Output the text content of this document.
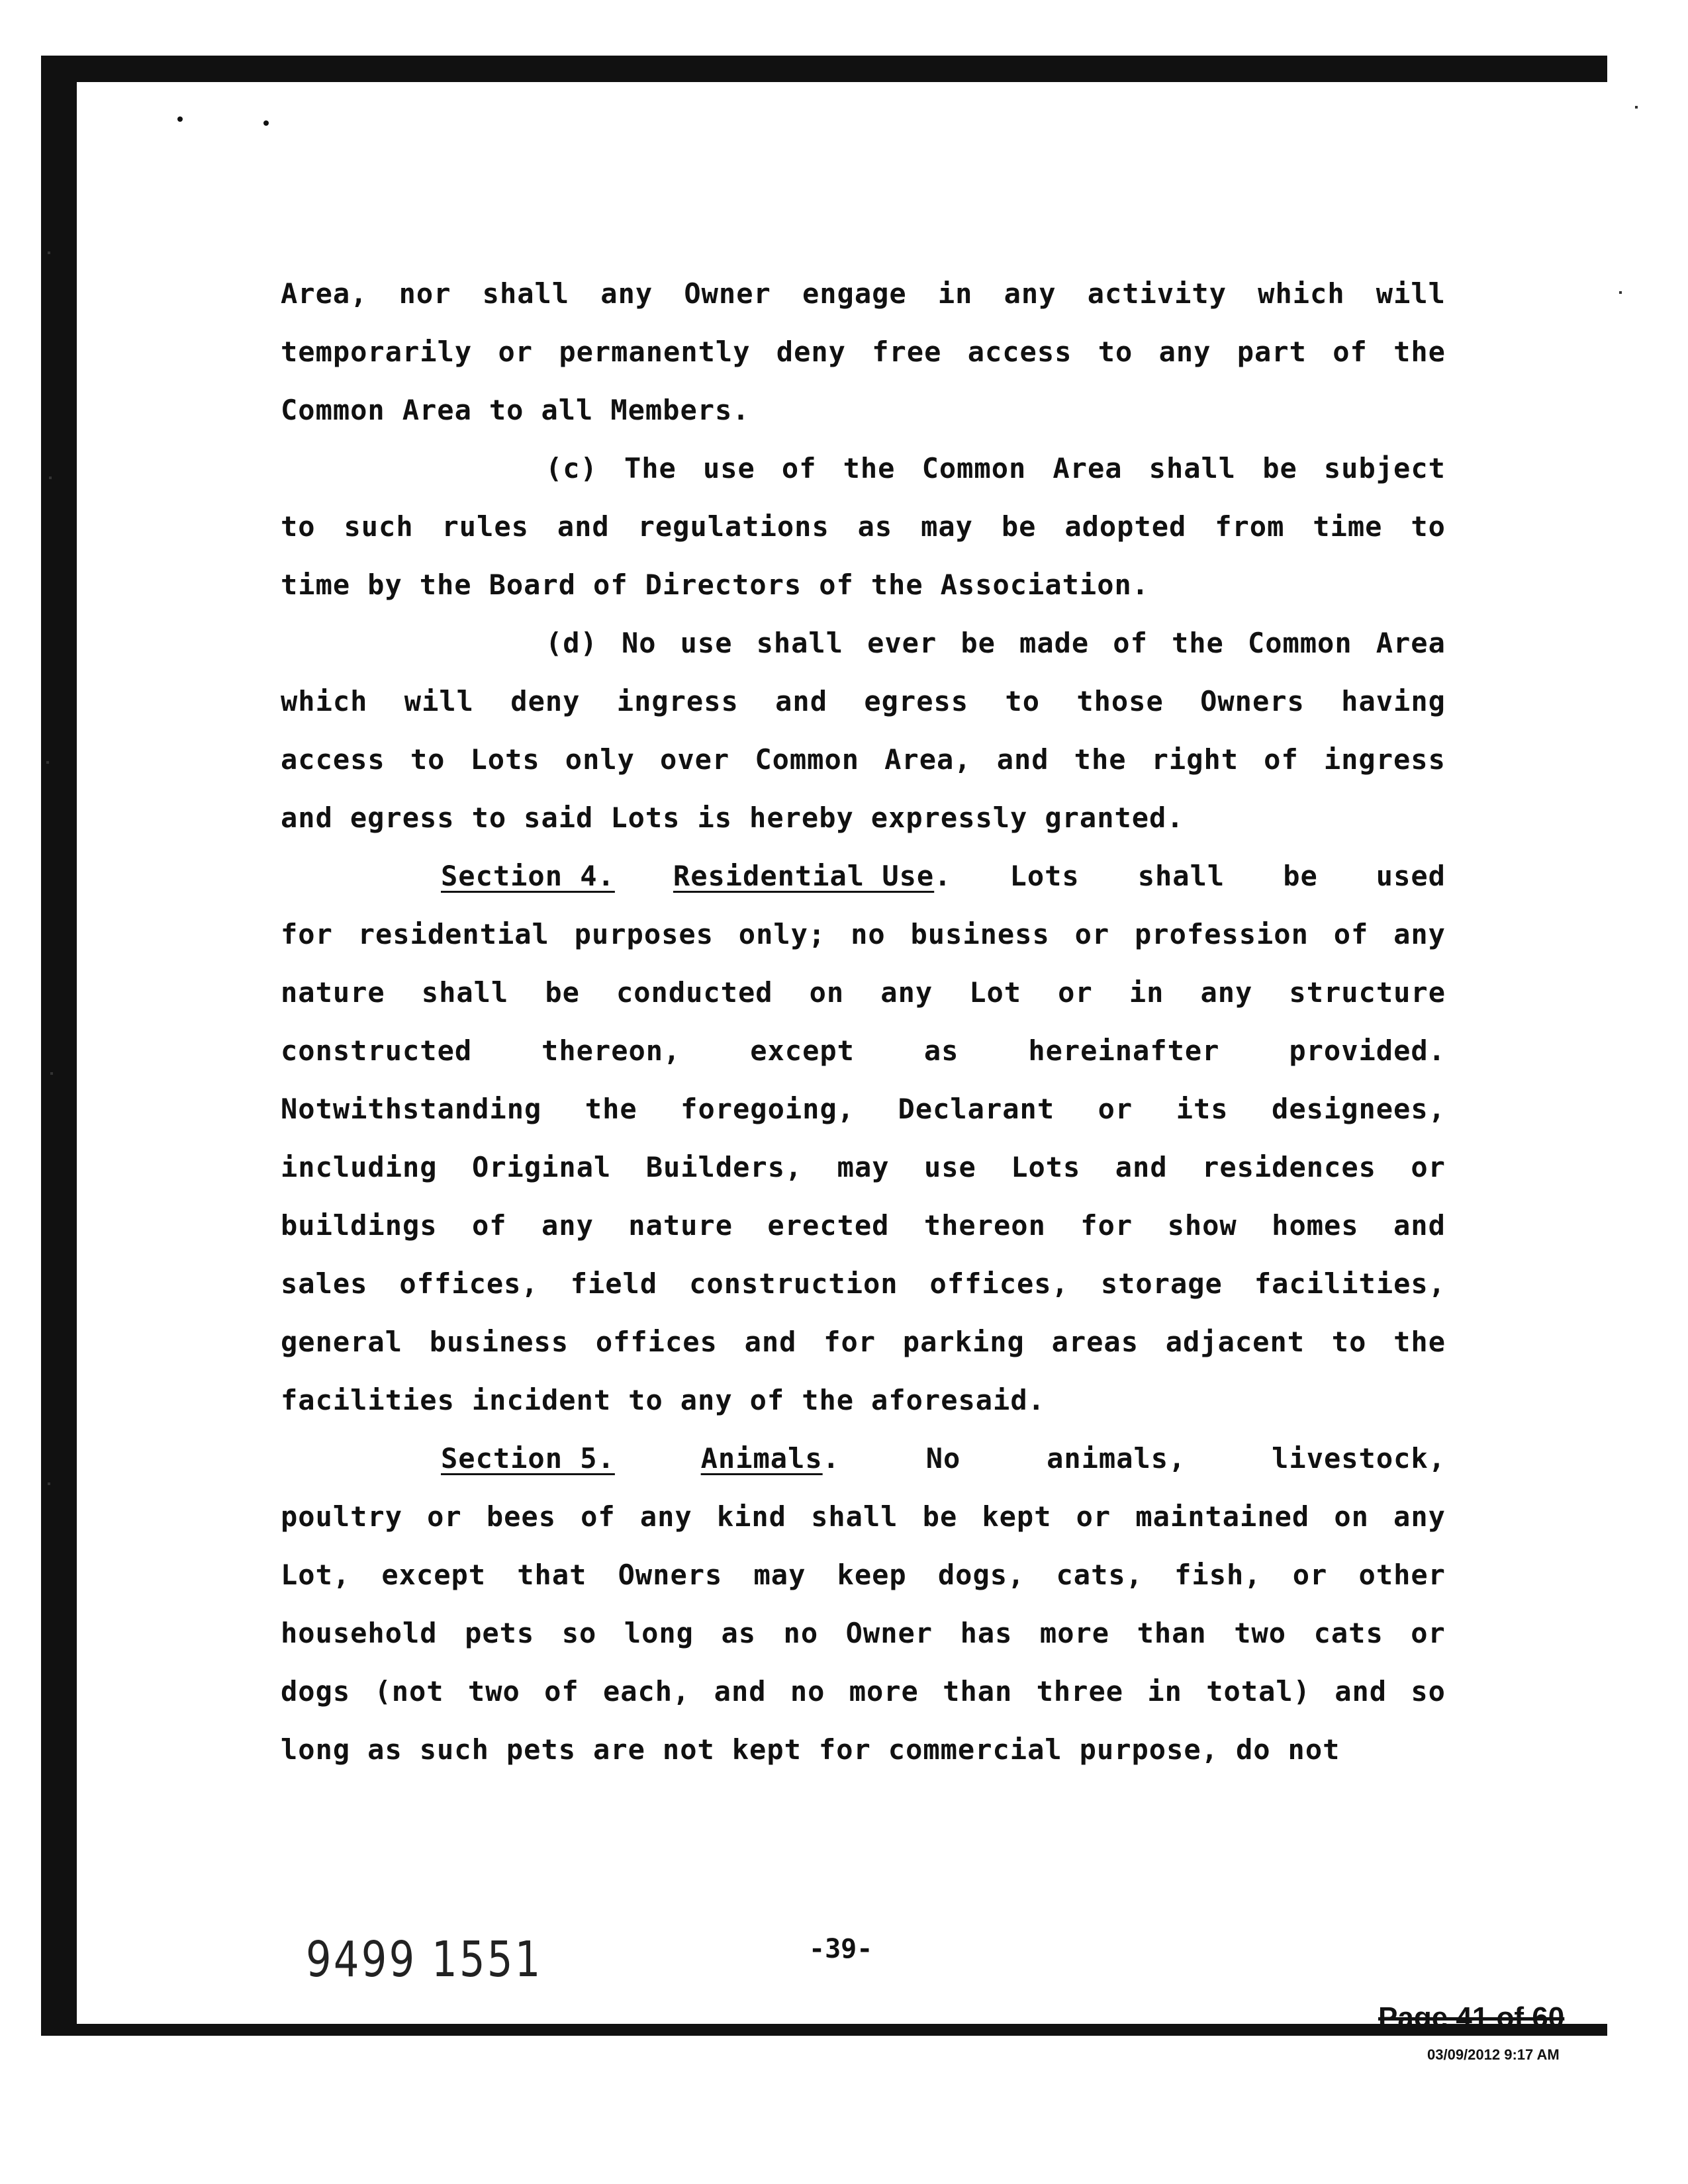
Area, nor shall any Owner engage in any activity which will
temporarily or permanently deny free access to any part of the
Common Area to all Members.
(c) The use of the Common Area shall be subject
to such rules and regulations as may be adopted from time to
time by the Board of Directors of the Association.
(d) No use shall ever be made of the Common Area
which will deny ingress and egress to those Owners having
access to Lots only over Common Area, and the right of ingress
and egress to said Lots is hereby expressly granted.
Section 4. Residential Use. Lots shall be used
for residential purposes only; no business or profession of any
nature shall be conducted on any Lot or in any structure
constructed thereon, except as hereinafter provided.
Notwithstanding the foregoing, Declarant or its designees,
including Original Builders, may use Lots and residences or
buildings of any nature erected thereon for show homes and
sales offices, field construction offices, storage facilities,
general business offices and for parking areas adjacent to the
facilities incident to any of the aforesaid.
Section 5.	Animals.	No	animals,	livestock,
poultry or bees of any kind shall be kept or maintained on any
Lot, except that Owners may keep dogs, cats, fish, or other
household pets so long as no Owner has more than two cats or
dogs (not two of each, and no more than three in total) and so
long as such pets are not kept for commercial purpose, do not
9499 1551	-39-
Page 41 of 60
03/09/2012 9:17 AM
